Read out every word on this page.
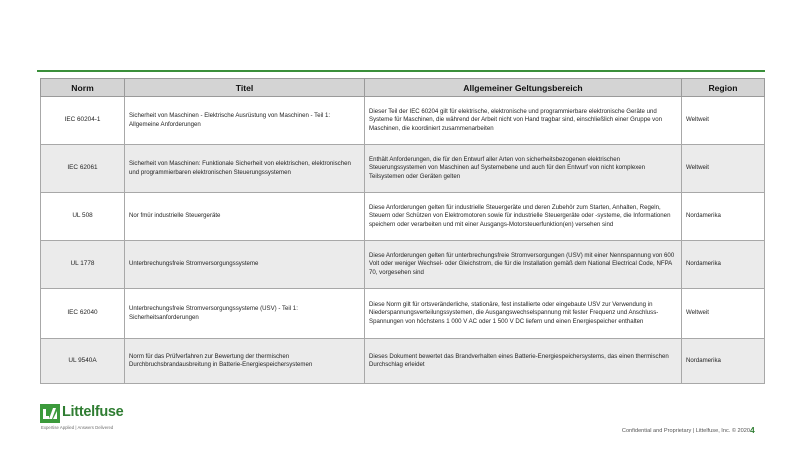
Norm	Titel	Allgemeiner Geltungsbereich	Region
IEC 60204-1	Sicherheit von Maschinen - Elektrische Ausrüstung von Maschinen - Teil 1: Allgemeine Anforderungen	Dieser Teil der IEC 60204 gilt für elektrische, elektronische und programmierbare elektronische Geräte und Systeme für Maschinen, die während der Arbeit nicht von Hand tragbar sind, einschließlich einer Gruppe von Maschinen, die koordiniert zusammenarbeiten	Weltweit
IEC 62061	Sicherheit von Maschinen: Funktionale Sicherheit von elektrischen, elektronischen und programmierbaren elektronischen Steuerungssystemen	Enthält Anforderungen, die für den Entwurf aller Arten von sicherheitsbezogenen elektrischen Steuerungssystemen von Maschinen auf Systemebene und auch für den Entwurf von nicht komplexen Teilsystemen oder Geräten gelten	Weltweit
UL 508	Nor fmür industrielle Steuergeräte	Diese Anforderungen gelten für industrielle Steuergeräte und deren Zubehör zum Starten, Anhalten, Regeln, Steuern oder Schützen von Elektromotoren sowie für industrielle Steuergeräte oder -systeme, die Informationen speichern oder verarbeiten und mit einer Ausgangs-Motorsteuerfunktion(en) versehen sind	Nordamerika
UL 1778	Unterbrechungsfreie Stromversorgungssysteme	Diese Anforderungen gelten für unterbrechungsfreie Stromversorgungen (USV) mit einer Nennspannung von 600 Volt oder weniger Wechsel- oder Gleichstrom, die für die Installation gemäß dem National Electrical Code, NFPA 70, vorgesehen sind	Nordamerika
IEC 62040	Unterbrechungsfreie Stromversorgungssysteme (USV) - Teil 1: Sicherheitsanforderungen	Diese Norm gilt für ortsveränderliche, stationäre, fest installierte oder eingebaute USV zur Verwendung in Niederspannungsverteilungssystemen, die Ausgangswechselspannung mit fester Frequenz und Anschluss-Spannungen von höchstens 1 000 V AC oder 1 500 V DC liefern und einen Energiespeicher enthalten	Weltweit
UL 9540A	Norm für das Prüfverfahren zur Bewertung der thermischen Durchbruchsbrandausbreitung in Batterie-Energiespeichersystemen	Dieses Dokument bewertet das Brandverhalten eines Batterie-Energiespeichersystems, das einen thermischen Durchschlag erleidet	Nordamerika
Littelfuse
Expertise Applied | Answers Delivered
Confidential and Proprietary | Littelfuse, Inc. © 2020 4
